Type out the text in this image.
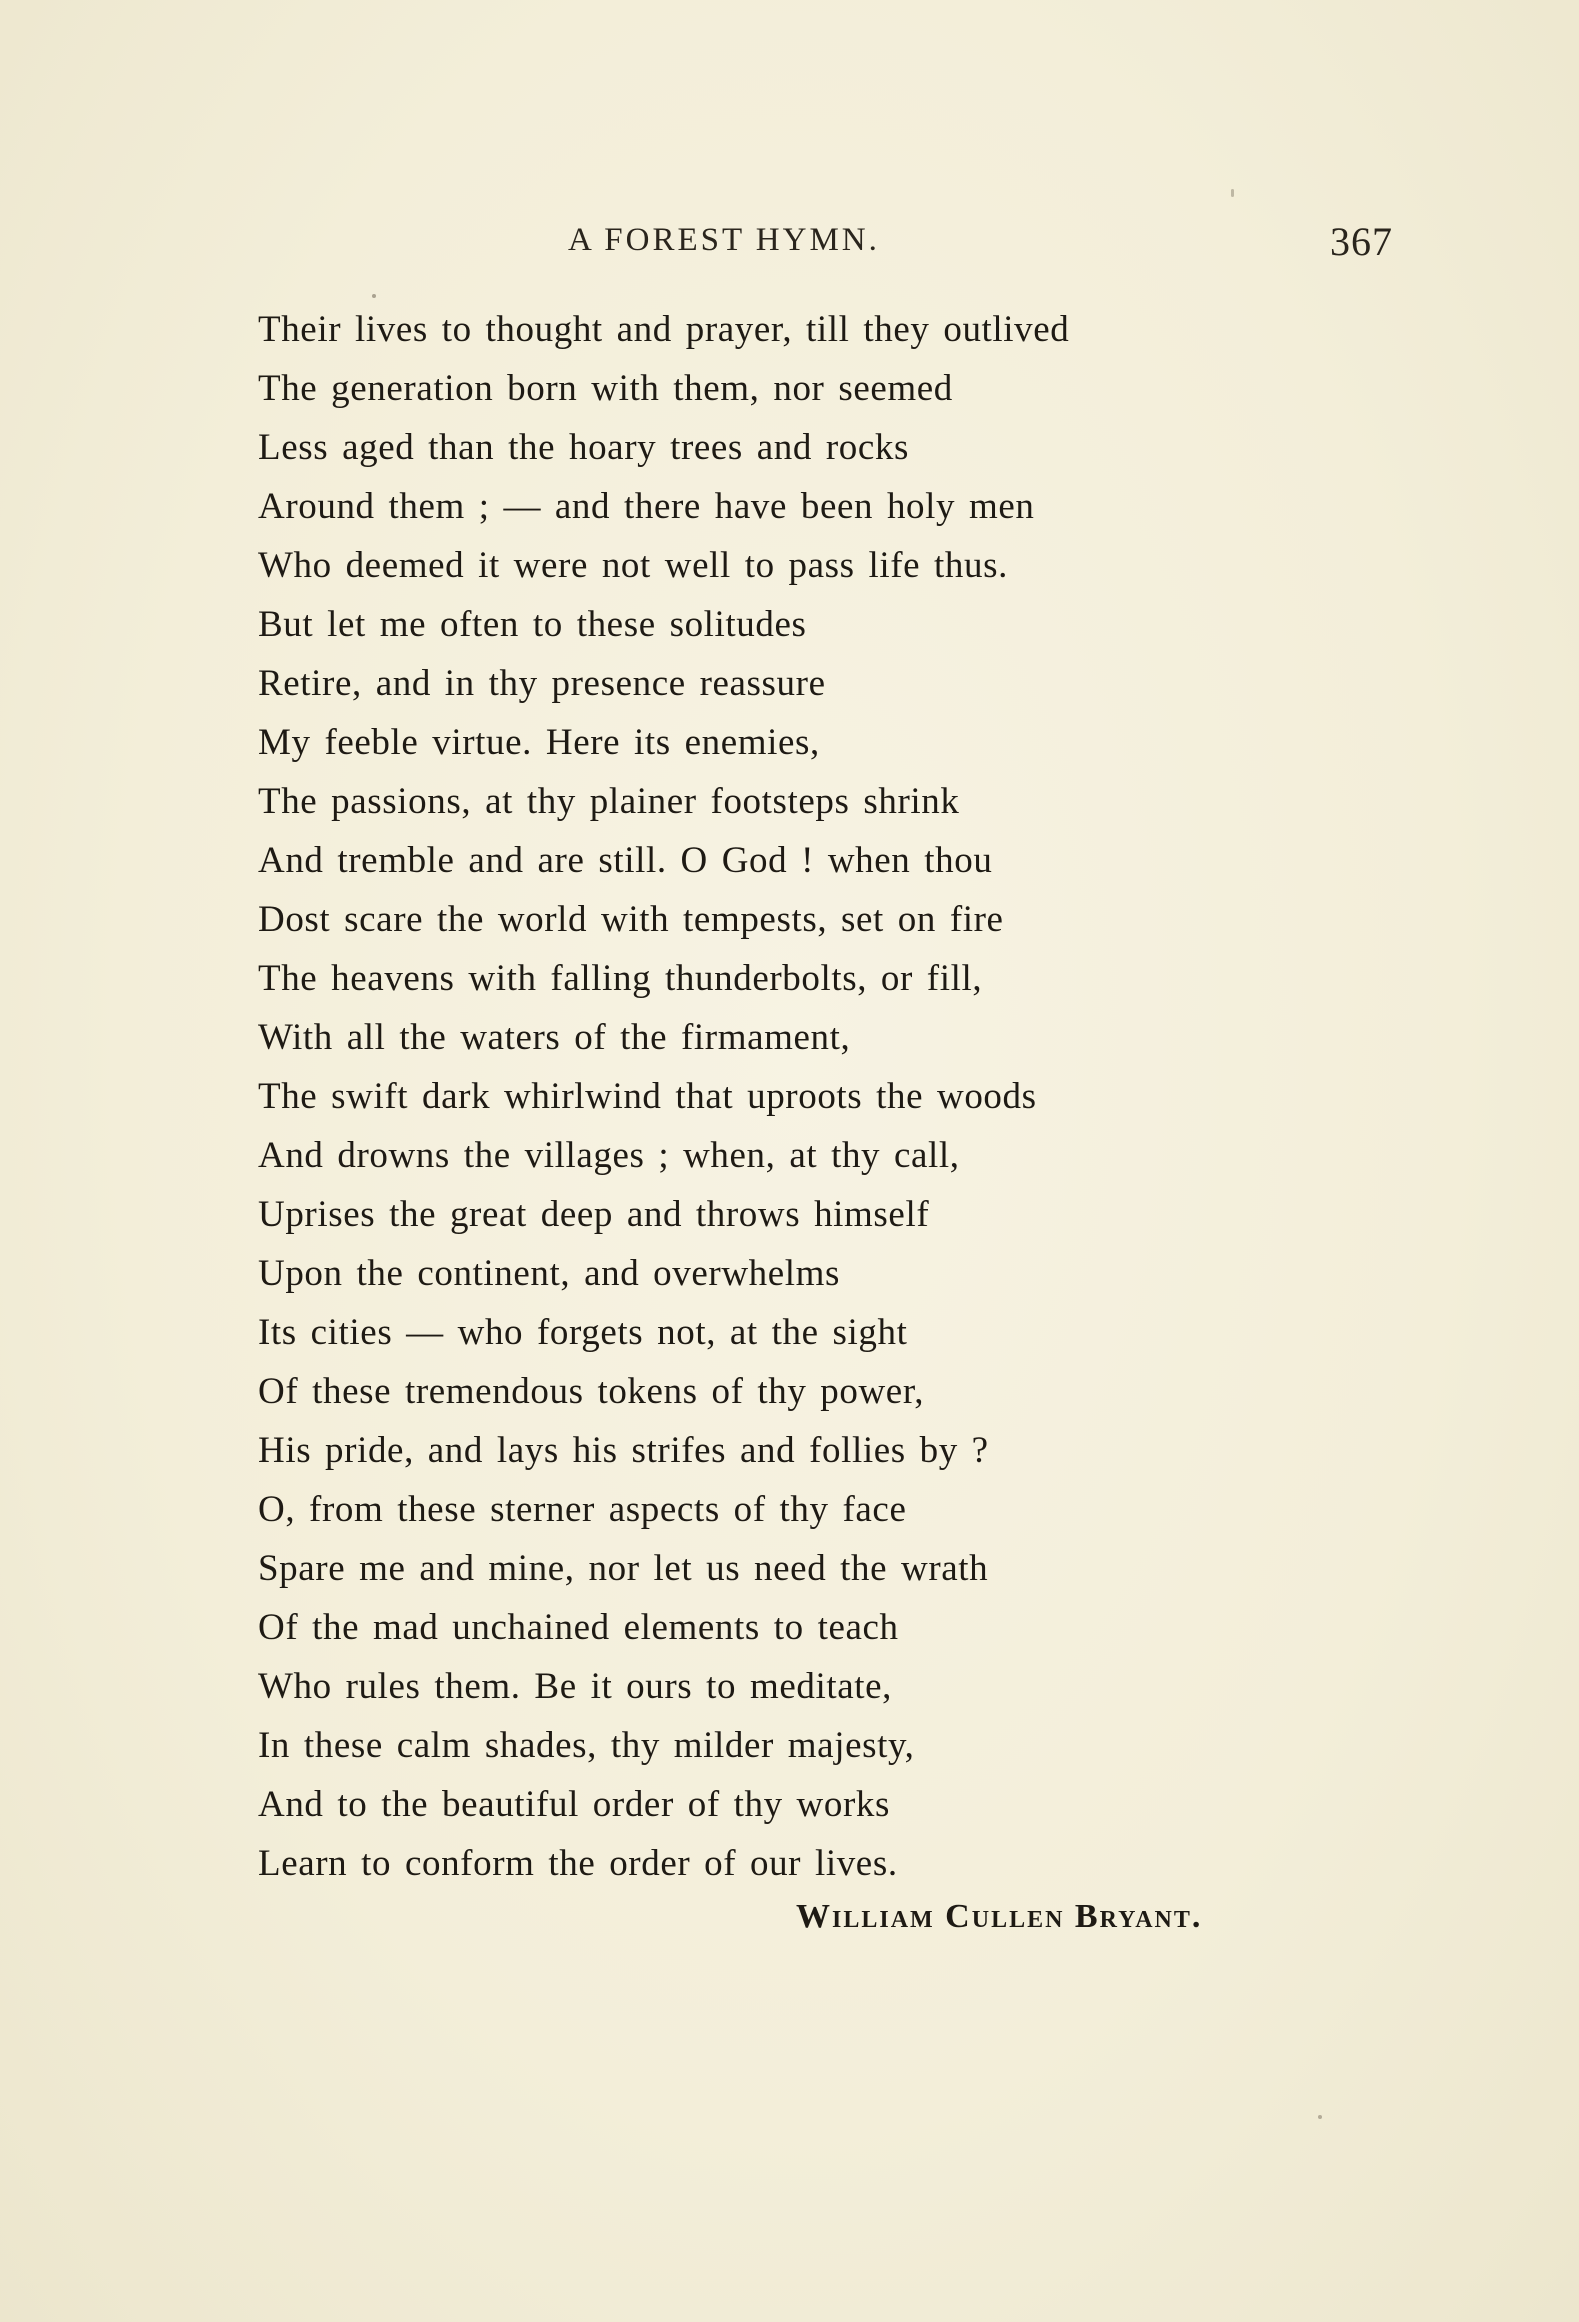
A FOREST HYMN.	367
Their lives to thought and prayer, till they outlived
The generation born with them, nor seemed
Less aged than the hoary trees and rocks
Around them ; — and there have been holy men
Who deemed it were not well to pass life thus.
But let me often to these solitudes
Retire, and in thy presence reassure
My feeble virtue. Here its enemies,
The passions, at thy plainer footsteps shrink
And tremble and are still. O God ! when thou
Dost scare the world with tempests, set on fire
The heavens with falling thunderbolts, or fill,
With all the waters of the firmament,
The swift dark whirlwind that uproots the woods
And drowns the villages ; when, at thy call,
Uprises the great deep and throws himself
Upon the continent, and overwhelms
Its cities — who forgets not, at the sight
Of these tremendous tokens of thy power,
His pride, and lays his strifes and follies by ?
O, from these sterner aspects of thy face
Spare me and mine, nor let us need the wrath
Of the mad unchained elements to teach
Who rules them. Be it ours to meditate,
In these calm shades, thy milder majesty,
And to the beautiful order of thy works
Learn to conform the order of our lives.
William Cullen Bryant.
